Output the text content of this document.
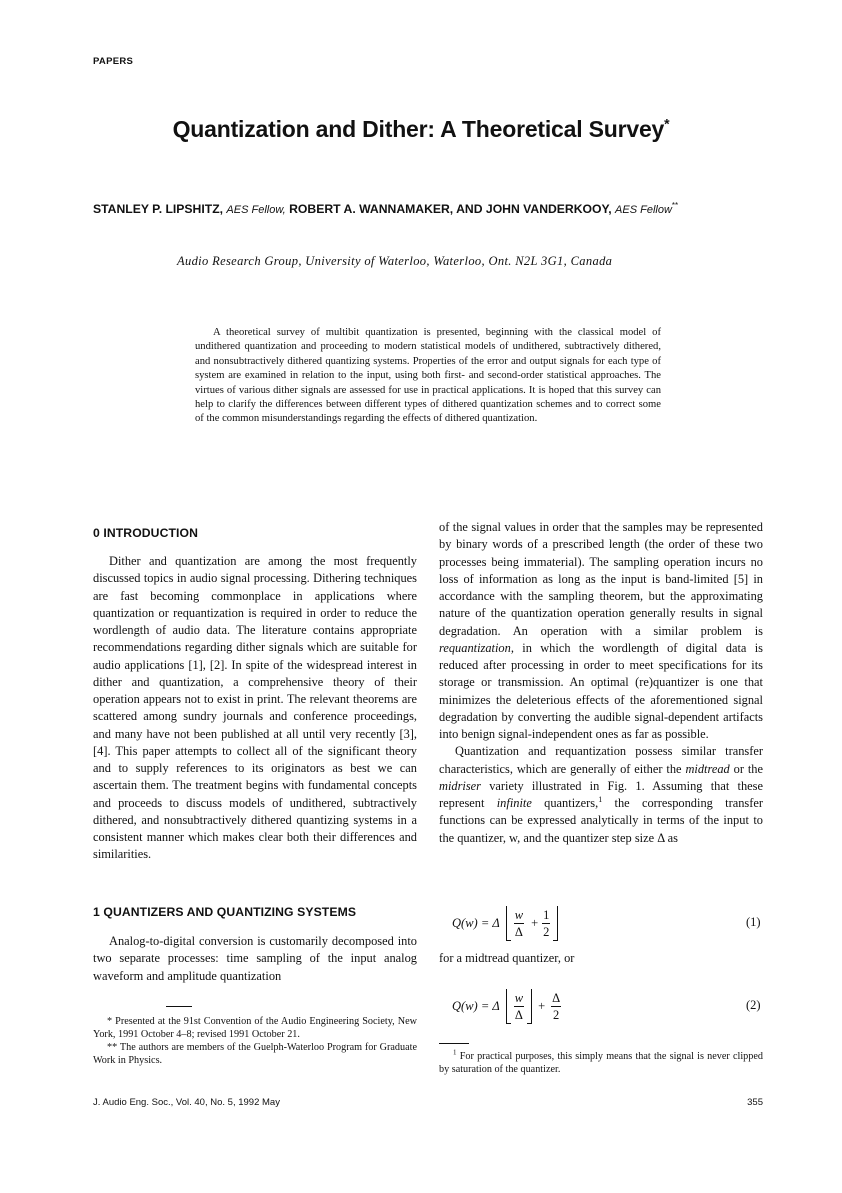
PAPERS
Quantization and Dither: A Theoretical Survey*
STANLEY P. LIPSHITZ, AES Fellow, ROBERT A. WANNAMAKER, AND JOHN VANDERKOOY, AES Fellow**
Audio Research Group, University of Waterloo, Waterloo, Ont. N2L 3G1, Canada
A theoretical survey of multibit quantization is presented, beginning with the classical model of undithered quantization and proceeding to modern statistical models of undithered, subtractively dithered, and nonsubtractively dithered quantizing systems. Properties of the error and output signals for each type of system are examined in relation to the input, using both first- and second-order statistical approaches. The virtues of various dither signals are assessed for use in practical applications. It is hoped that this survey can help to clarify the differences between different types of dithered quantization schemes and to correct some of the common misunderstandings regarding the effects of dithered quantization.
0 INTRODUCTION

Dither and quantization are among the most frequently discussed topics in audio signal processing. Dithering techniques are fast becoming commonplace in applications where quantization or requantization is required in order to reduce the wordlength of audio data. The literature contains appropriate recommendations regarding dither signals which are suitable for audio applications [1], [2]. In spite of the widespread interest in dither and quantization, a comprehensive theory of their operation appears not to exist in print. The relevant theorems are scattered among sundry journals and conference proceedings, and many have not been published at all until very recently [3], [4]. This paper attempts to collect all of the significant theory and to supply references to its originators as best we can ascertain them. The treatment begins with fundamental concepts and proceeds to discuss models of undithered, subtractively dithered, and nonsubtractively dithered quantizing systems in a consistent manner which makes clear both their differences and similarities.

1 QUANTIZERS AND QUANTIZING SYSTEMS

Analog-to-digital conversion is customarily decomposed into two separate processes: time sampling of the input analog waveform and amplitude quantization

* Presented at the 91st Convention of the Audio Engineering Society, New York, 1991 October 4–8; revised 1991 October 21.

** The authors are members of the Guelph-Waterloo Program for Graduate Work in Physics.

of the signal values in order that the samples may be represented by binary words of a prescribed length (the order of these two processes being immaterial). The sampling operation incurs no loss of information as long as the input is band-limited [5] in accordance with the sampling theorem, but the approximating nature of the quantization operation generally results in signal degradation. An operation with a similar problem is requantization, in which the wordlength of digital data is reduced after processing in order to meet specifications for its storage or transmission. An optimal (re)quantizer is one that minimizes the deleterious effects of the aforementioned signal degradation by converting the audible signal-dependent artifacts into benign signal-independent ones as far as possible.

Quantization and requantization possess similar transfer characteristics, which are generally of either the midtread or the midriser variety illustrated in Fig. 1. Assuming that these represent infinite quantizers,$^1$ the corresponding transfer functions can be expressed analytically in terms of the input to the quantizer, w, and the quantizer step size Δ as

Q(w) = Δ $\frac{w}{\Delta} + \frac{1}{2}$	(1)

for a midtread quantizer, or

Q(w) = Δ $\frac{w}{\Delta} + \frac{\Delta}{2}$	(2)

$^1$ For practical purposes, this simply means that the signal is never clipped by saturation of the quantizer.

J. Audio Eng. Soc., Vol. 40, No. 5, 1992 May	355
